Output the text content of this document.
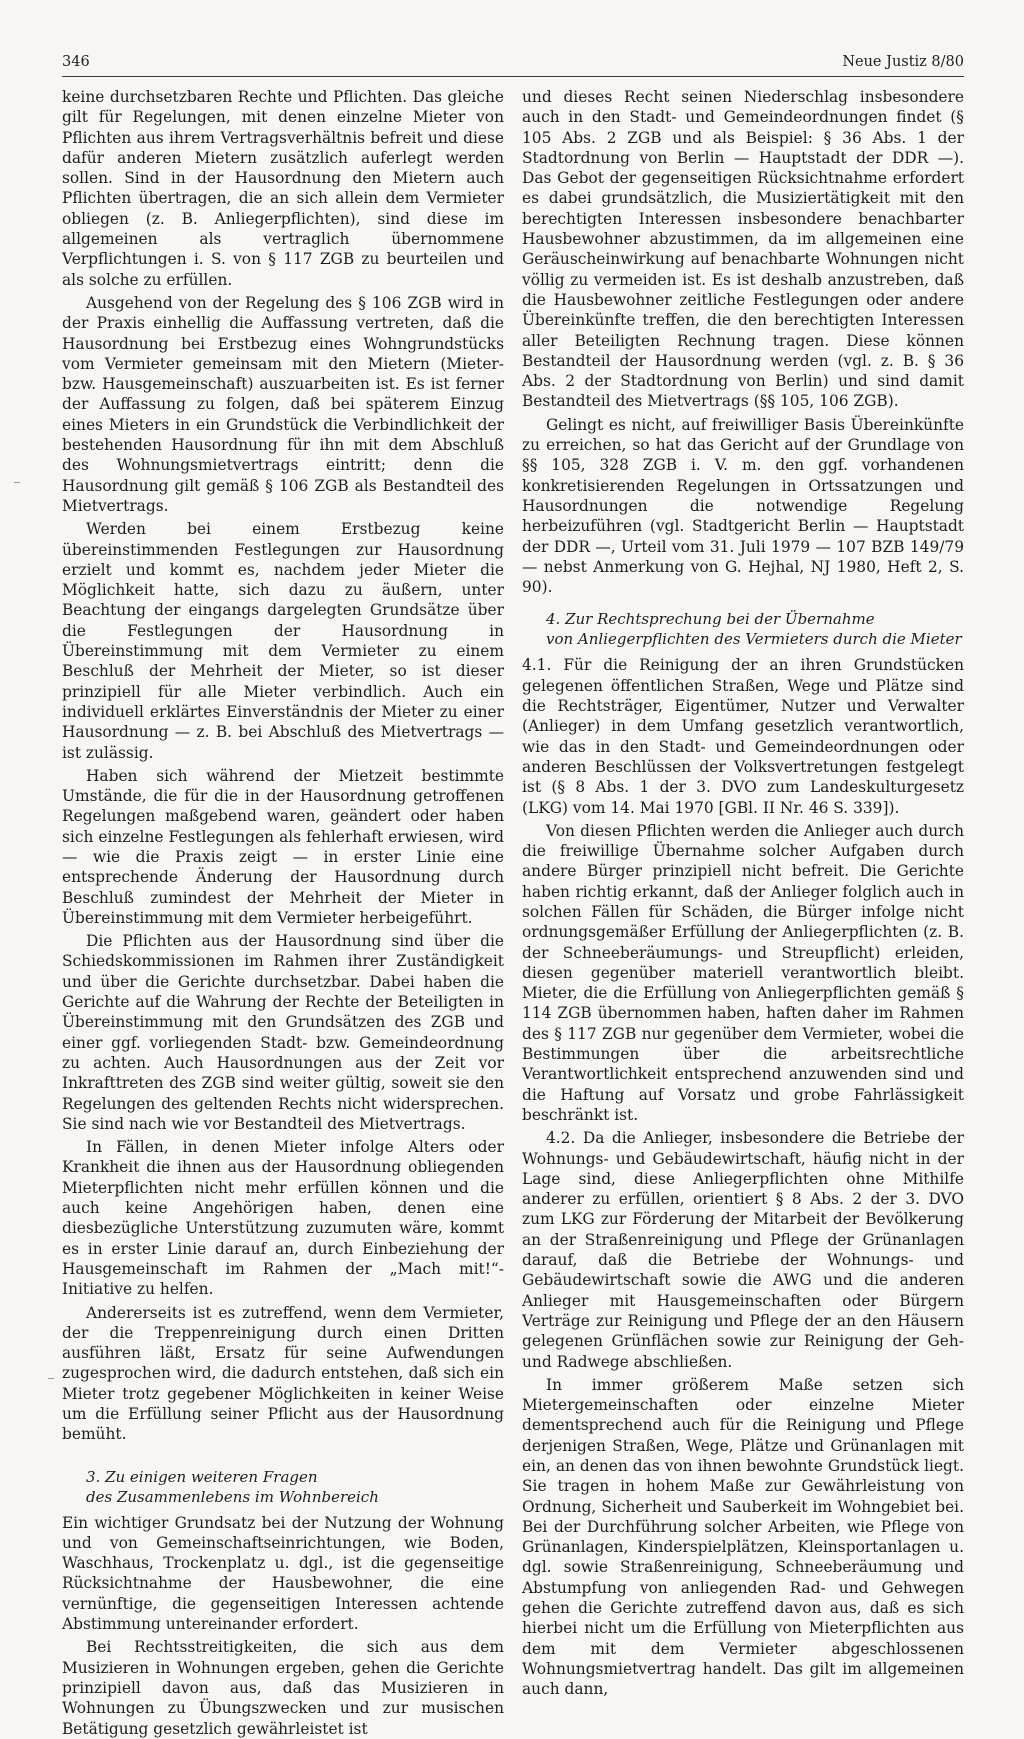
346	Neue Justiz 8/80

keine durchsetzbaren Rechte und Pflichten. Das gleiche gilt für Regelungen, mit denen einzelne Mieter von Pflichten aus ihrem Vertragsverhältnis befreit und diese dafür anderen Mietern zusätzlich auferlegt werden sollen. Sind in der Hausordnung den Mietern auch Pflichten übertragen, die an sich allein dem Vermieter obliegen (z. B. Anliegerpflichten), sind diese im allgemeinen als vertraglich übernommene Verpflichtungen i. S. von § 117 ZGB zu beurteilen und als solche zu erfüllen.

Ausgehend von der Regelung des § 106 ZGB wird in der Praxis einhellig die Auffassung vertreten, daß die Hausordnung bei Erstbezug eines Wohngrundstücks vom Vermieter gemeinsam mit den Mietern (Mieter- bzw. Hausgemeinschaft) auszuarbeiten ist. Es ist ferner der Auffassung zu folgen, daß bei späterem Einzug eines Mieters in ein Grundstück die Verbindlichkeit der bestehenden Hausordnung für ihn mit dem Abschluß des Wohnungsmietvertrags eintritt; denn die Hausordnung gilt gemäß § 106 ZGB als Bestandteil des Mietvertrags.

Werden bei einem Erstbezug keine übereinstimmenden Festlegungen zur Hausordnung erzielt und kommt es, nachdem jeder Mieter die Möglichkeit hatte, sich dazu zu äußern, unter Beachtung der eingangs dargelegten Grundsätze über die Festlegungen der Hausordnung in Übereinstimmung mit dem Vermieter zu einem Beschluß der Mehrheit der Mieter, so ist dieser prinzipiell für alle Mieter verbindlich. Auch ein individuell erklärtes Einverständnis der Mieter zu einer Hausordnung — z. B. bei Abschluß des Mietvertrags — ist zulässig.

Haben sich während der Mietzeit bestimmte Umstände, die für die in der Hausordnung getroffenen Regelungen maßgebend waren, geändert oder haben sich einzelne Festlegungen als fehlerhaft erwiesen, wird — wie die Praxis zeigt — in erster Linie eine entsprechende Änderung der Hausordnung durch Beschluß zumindest der Mehrheit der Mieter in Übereinstimmung mit dem Vermieter herbeigeführt.

Die Pflichten aus der Hausordnung sind über die Schiedskommissionen im Rahmen ihrer Zuständigkeit und über die Gerichte durchsetzbar. Dabei haben die Gerichte auf die Wahrung der Rechte der Beteiligten in Übereinstimmung mit den Grundsätzen des ZGB und einer ggf. vorliegenden Stadt- bzw. Gemeindeordnung zu achten. Auch Hausordnungen aus der Zeit vor Inkrafttreten des ZGB sind weiter gültig, soweit sie den Regelungen des geltenden Rechts nicht widersprechen. Sie sind nach wie vor Bestandteil des Mietvertrags.

In Fällen, in denen Mieter infolge Alters oder Krankheit die ihnen aus der Hausordnung obliegenden Mieterpflichten nicht mehr erfüllen können und die auch keine Angehörigen haben, denen eine diesbezügliche Unterstützung zuzumuten wäre, kommt es in erster Linie darauf an, durch Einbeziehung der Hausgemeinschaft im Rahmen der „Mach mit!“-Initiative zu helfen.

Andererseits ist es zutreffend, wenn dem Vermieter, der die Treppenreinigung durch einen Dritten ausführen läßt, Ersatz für seine Aufwendungen zugesprochen wird, die dadurch entstehen, daß sich ein Mieter trotz gegebener Möglichkeiten in keiner Weise um die Erfüllung seiner Pflicht aus der Hausordnung bemüht.

3. Zu einigen weiteren Fragen
des Zusammenlebens im Wohnbereich

Ein wichtiger Grundsatz bei der Nutzung der Wohnung und von Gemeinschaftseinrichtungen, wie Boden, Waschhaus, Trockenplatz u. dgl., ist die gegenseitige Rücksichtnahme der Hausbewohner, die eine vernünftige, die gegenseitigen Interessen achtende Abstimmung untereinander erfordert.

Bei Rechtsstreitigkeiten, die sich aus dem Musizieren in Wohnungen ergeben, gehen die Gerichte prinzipiell davon aus, daß das Musizieren in Wohnungen zu Übungszwecken und zur musischen Betätigung gesetzlich gewährleistet ist

und dieses Recht seinen Niederschlag insbesondere auch in den Stadt- und Gemeindeordnungen findet (§ 105 Abs. 2 ZGB und als Beispiel: § 36 Abs. 1 der Stadtordnung von Berlin — Hauptstadt der DDR —). Das Gebot der gegenseitigen Rücksichtnahme erfordert es dabei grundsätzlich, die Musiziertätigkeit mit den berechtigten Interessen insbesondere benachbarter Hausbewohner abzustimmen, da im allgemeinen eine Geräuscheinwirkung auf benachbarte Wohnungen nicht völlig zu vermeiden ist. Es ist deshalb anzustreben, daß die Hausbewohner zeitliche Festlegungen oder andere Übereinkünfte treffen, die den berechtigten Interessen aller Beteiligten Rechnung tragen. Diese können Bestandteil der Hausordnung werden (vgl. z. B. § 36 Abs. 2 der Stadtordnung von Berlin) und sind damit Bestandteil des Mietvertrags (§§ 105, 106 ZGB).

Gelingt es nicht, auf freiwilliger Basis Übereinkünfte zu erreichen, so hat das Gericht auf der Grundlage von §§ 105, 328 ZGB i. V. m. den ggf. vorhandenen konkretisierenden Regelungen in Ortssatzungen und Hausordnungen die notwendige Regelung herbeizuführen (vgl. Stadtgericht Berlin — Hauptstadt der DDR —, Urteil vom 31. Juli 1979 — 107 BZB 149/79 — nebst Anmerkung von G. Hejhal, NJ 1980, Heft 2, S. 90).

4. Zur Rechtsprechung bei der Übernahme
von Anliegerpflichten des Vermieters durch die Mieter

4.1. Für die Reinigung der an ihren Grundstücken gelegenen öffentlichen Straßen, Wege und Plätze sind die Rechtsträger, Eigentümer, Nutzer und Verwalter (Anlieger) in dem Umfang gesetzlich verantwortlich, wie das in den Stadt- und Gemeindeordnungen oder anderen Beschlüssen der Volksvertretungen festgelegt ist (§ 8 Abs. 1 der 3. DVO zum Landeskulturgesetz (LKG) vom 14. Mai 1970 [GBl. II Nr. 46 S. 339]).

Von diesen Pflichten werden die Anlieger auch durch die freiwillige Übernahme solcher Aufgaben durch andere Bürger prinzipiell nicht befreit. Die Gerichte haben richtig erkannt, daß der Anlieger folglich auch in solchen Fällen für Schäden, die Bürger infolge nicht ordnungsgemäßer Erfüllung der Anliegerpflichten (z. B. der Schneeberäumungs- und Streupflicht) erleiden, diesen gegenüber materiell verantwortlich bleibt. Mieter, die die Erfüllung von Anliegerpflichten gemäß § 114 ZGB übernommen haben, haften daher im Rahmen des § 117 ZGB nur gegenüber dem Vermieter, wobei die Bestimmungen über die arbeitsrechtliche Verantwortlichkeit entsprechend anzuwenden sind und die Haftung auf Vorsatz und grobe Fahrlässigkeit beschränkt ist.

4.2. Da die Anlieger, insbesondere die Betriebe der Wohnungs- und Gebäudewirtschaft, häufig nicht in der Lage sind, diese Anliegerpflichten ohne Mithilfe anderer zu erfüllen, orientiert § 8 Abs. 2 der 3. DVO zum LKG zur Förderung der Mitarbeit der Bevölkerung an der Straßenreinigung und Pflege der Grünanlagen darauf, daß die Betriebe der Wohnungs- und Gebäudewirtschaft sowie die AWG und die anderen Anlieger mit Hausgemeinschaften oder Bürgern Verträge zur Reinigung und Pflege der an den Häusern gelegenen Grünflächen sowie zur Reinigung der Geh- und Radwege abschließen.

In immer größerem Maße setzen sich Mietergemeinschaften oder einzelne Mieter dementsprechend auch für die Reinigung und Pflege derjenigen Straßen, Wege, Plätze und Grünanlagen mit ein, an denen das von ihnen bewohnte Grundstück liegt. Sie tragen in hohem Maße zur Gewährleistung von Ordnung, Sicherheit und Sauberkeit im Wohngebiet bei. Bei der Durchführung solcher Arbeiten, wie Pflege von Grünanlagen, Kinderspielplätzen, Kleinsportanlagen u. dgl. sowie Straßenreinigung, Schneeberäumung und Abstumpfung von anliegenden Rad- und Gehwegen gehen die Gerichte zutreffend davon aus, daß es sich hierbei nicht um die Erfüllung von Mieterpflichten aus dem mit dem Vermieter abgeschlossenen Wohnungsmietvertrag handelt. Das gilt im allgemeinen auch dann,
